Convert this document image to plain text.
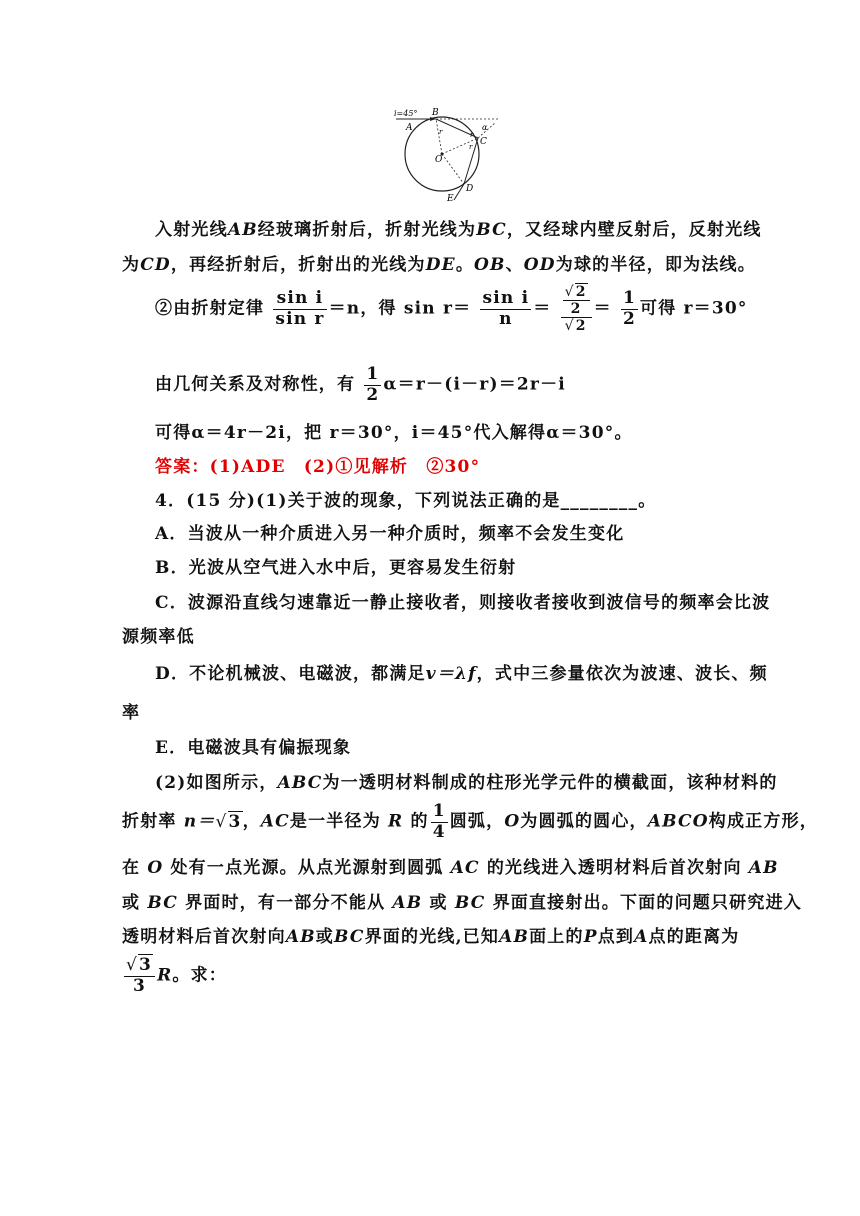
i=45°
A
B
C
D
E
O
r	r
r
α
入射光线AB经玻璃折射后，折射光线为BC，又经球内壁反射后，反射光线
为CD，再经折射后，折射出的光线为DE。OB、OD为球的半径，即为法线。
②由折射定律 $\frac{\text{sin i}}{\text{sin r}} =n$，得 $\sin r= \frac{\text{sin i}}{n} = \frac{\frac{√2}{2}}{√2} = \frac{1}{2}$ 可得 r＝30°
由几何关系及对称性，有 $\frac{1}{2} \alpha=r-(i-r)=2r-i$
可得α＝4r－2i，把 r＝30°，i＝45°代入解得α＝30°。
答案：(1)ADE　(2)①见解析　②30°
4．(15 分)(1)关于波的现象，下列说法正确的是________。
A．当波从一种介质进入另一种介质时，频率不会发生变化
B．光波从空气进入水中后，更容易发生衍射
C．波源沿直线匀速靠近一静止接收者，则接收者接收到波信号的频率会比波
源频率低
D．不论机械波、电磁波，都满足v＝λf，式中三参量依次为波速、波长、频
率
E．电磁波具有偏振现象
(2)如图所示，ABC为一透明材料制成的柱形光学元件的横截面，该种材料的
折射率 n＝√3，AC是一半径为 R 的 $\frac{1}{4}$ 圆弧，O为圆弧的圆心，ABCO构成正方形，
在 O 处有一点光源。从点光源射到圆弧 AC 的光线进入透明材料后首次射向 AB
或 BC 界面时，有一部分不能从 AB 或 BC 界面直接射出。下面的问题只研究进入
透明材料后首次射向AB或BC界面的光线,已知AB面上的P点到A点的距离为
$\frac{√3}{3}$ R。求：
